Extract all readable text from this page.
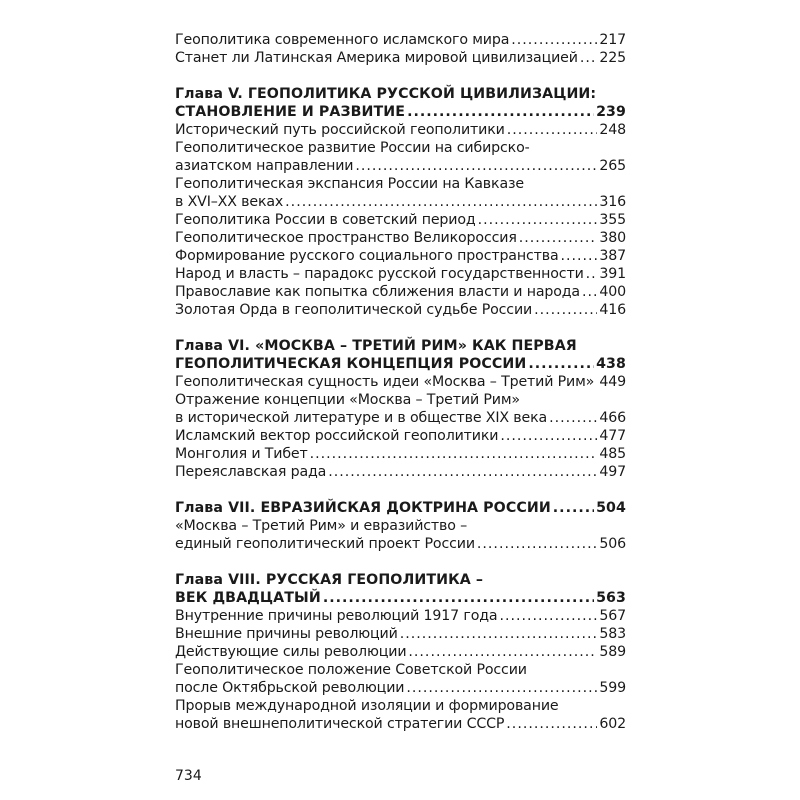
Геополитика современного исламского мира .....	217
Станет ли Латинская Америка мировой цивилизацией ..... 225
Глава V. ГЕОПОЛИТИКА РУССКОЙ ЦИВИЛИЗАЦИИ:
СТАНОВЛЕНИЕ И РАЗВИТИЕ .....	239
Исторический путь российской геополитики .....	248
Геополитическое развитие России на сибирско-
азиатском направлении .....	265
Геополитическая экспансия России на Кавказе
в XVI–XX веках .....	316
Геополитика России в советский период .....	355
Геополитическое пространство Великороссия .....	380
Формирование русского социального пространства .....	387
Народ и власть – парадокс русской государственности ..... 391
Православие как попытка сближения власти и народа ..... 400
Золотая Орда в геополитической судьбе России .....	416
Глава VI. «МОСКВА – ТРЕТИЙ РИМ» КАК ПЕРВАЯ
ГЕОПОЛИТИЧЕСКАЯ КОНЦЕПЦИЯ РОССИИ .....	438
Геополитическая сущность идеи «Москва – Третий Рим» ..... 449
Отражение концепции «Москва – Третий Рим»
в исторической литературе и в обществе XIX века .....	466
Исламский вектор российской геополитики .....	477
Монголия и Тибет .....	485
Переяславская рада .....	497
Глава VII. ЕВРАЗИЙСКАЯ ДОКТРИНА РОССИИ .....	504
«Москва – Третий Рим» и евразийство –
единый геополитический проект России .....	506
Глава VIII. РУССКАЯ ГЕОПОЛИТИКА –
ВЕК ДВАДЦАТЫЙ .....	563
Внутренние причины революций 1917 года .....	567
Внешние причины революций .....	583
Действующие силы революции .....	589
Геополитическое положение Советской России
после Октябрьской революции .....	599
Прорыв международной изоляции и формирование
новой внешнеполитической стратегии СССР .....	602
734
